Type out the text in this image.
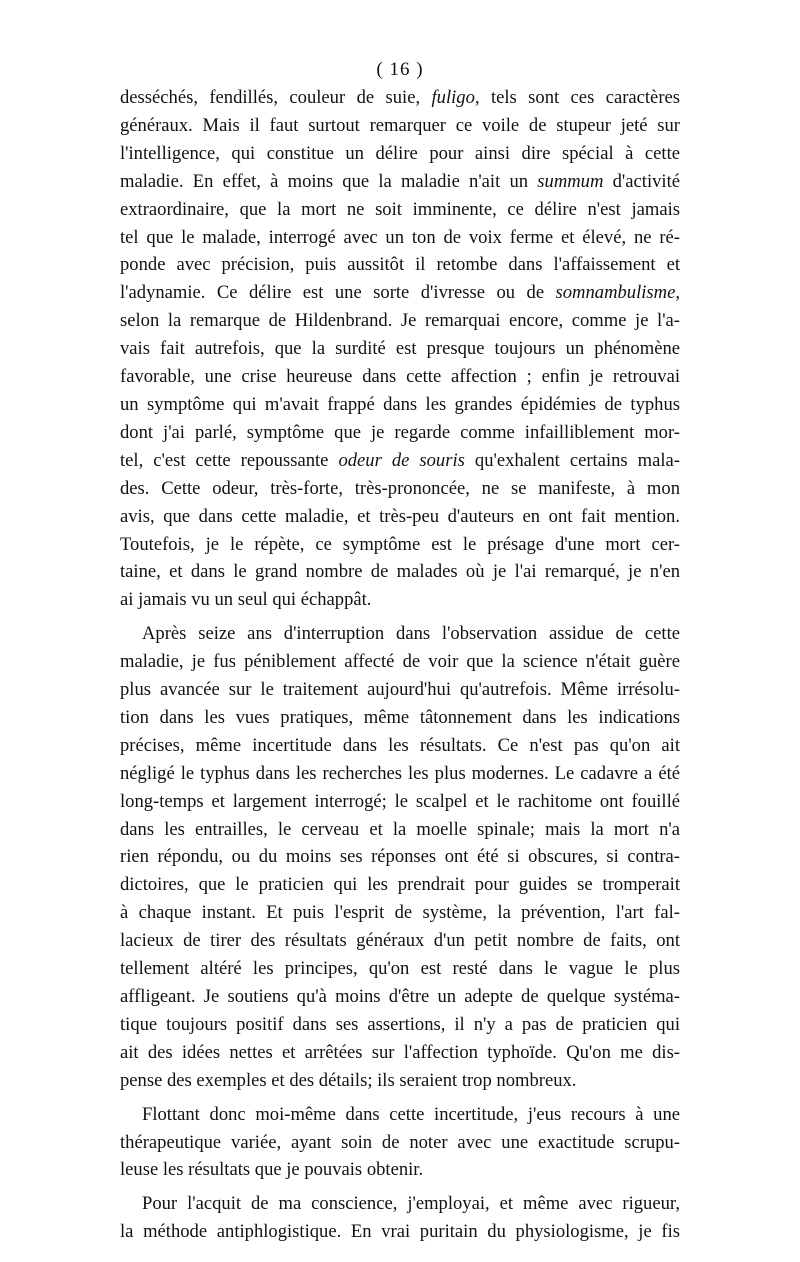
( 16 )
desséchés, fendillés, couleur de suie, fuligo, tels sont ces caractères
généraux. Mais il faut surtout remarquer ce voile de stupeur jeté sur
l'intelligence, qui constitue un délire pour ainsi dire spécial à cette
maladie. En effet, à moins que la maladie n'ait un summum d'activité
extraordinaire, que la mort ne soit imminente, ce délire n'est jamais
tel que le malade, interrogé avec un ton de voix ferme et élevé, ne ré-
ponde avec précision, puis aussitôt il retombe dans l'affaissement et
l'adynamie. Ce délire est une sorte d'ivresse ou de somnambulisme,
selon la remarque de Hildenbrand. Je remarquai encore, comme je l'a-
vais fait autrefois, que la surdité est presque toujours un phénomène
favorable, une crise heureuse dans cette affection ; enfin je retrouvai
un symptôme qui m'avait frappé dans les grandes épidémies de typhus
dont j'ai parlé, symptôme que je regarde comme infailliblement mor-
tel, c'est cette repoussante odeur de souris qu'exhalent certains mala-
des. Cette odeur, très-forte, très-prononcée, ne se manifeste, à mon
avis, que dans cette maladie, et très-peu d'auteurs en ont fait mention.
Toutefois, je le répète, ce symptôme est le présage d'une mort cer-
taine, et dans le grand nombre de malades où je l'ai remarqué, je n'en
ai jamais vu un seul qui échappât.
Après seize ans d'interruption dans l'observation assidue de cette
maladie, je fus péniblement affecté de voir que la science n'était guère
plus avancée sur le traitement aujourd'hui qu'autrefois. Même irrésolu-
tion dans les vues pratiques, même tâtonnement dans les indications
précises, même incertitude dans les résultats. Ce n'est pas qu'on ait
négligé le typhus dans les recherches les plus modernes. Le cadavre a été
long-temps et largement interrogé; le scalpel et le rachitome ont fouillé
dans les entrailles, le cerveau et la moelle spinale; mais la mort n'a
rien répondu, ou du moins ses réponses ont été si obscures, si contra-
dictoires, que le praticien qui les prendrait pour guides se tromperait
à chaque instant. Et puis l'esprit de système, la prévention, l'art fal-
lacieux de tirer des résultats généraux d'un petit nombre de faits, ont
tellement altéré les principes, qu'on est resté dans le vague le plus
affligeant. Je soutiens qu'à moins d'être un adepte de quelque systéma-
tique toujours positif dans ses assertions, il n'y a pas de praticien qui
ait des idées nettes et arrêtées sur l'affection typhoïde. Qu'on me dis-
pense des exemples et des détails; ils seraient trop nombreux.
Flottant donc moi-même dans cette incertitude, j'eus recours à une
thérapeutique variée, ayant soin de noter avec une exactitude scrupu-
leuse les résultats que je pouvais obtenir.
Pour l'acquit de ma conscience, j'employai, et même avec rigueur,
la méthode antiphlogistique. En vrai puritain du physiologisme, je fis
